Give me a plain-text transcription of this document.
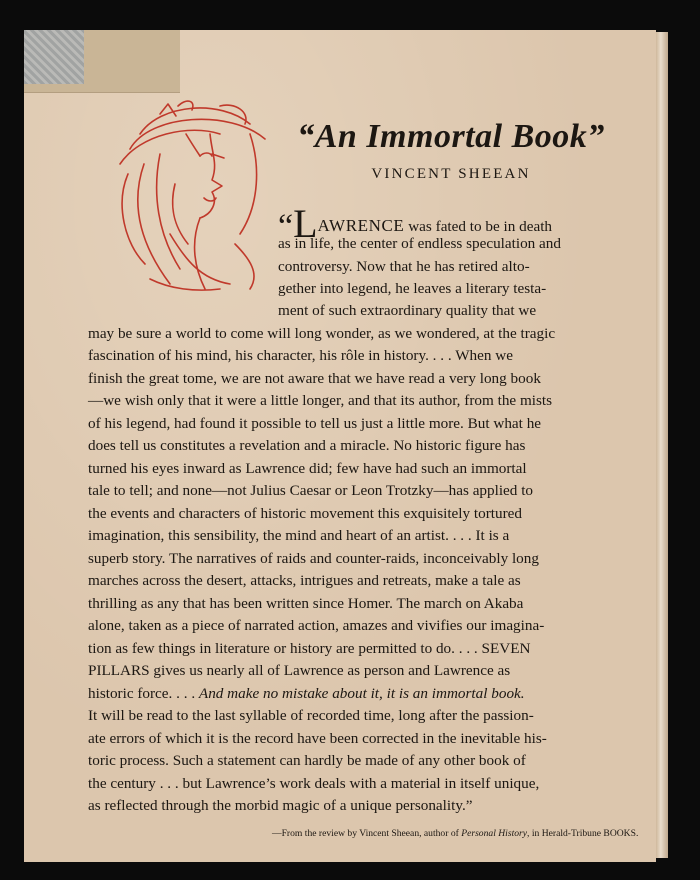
“An Immortal Book”
VINCENT SHEEAN
“LAWRENCE was fated to be in death
as in life, the center of endless speculation and
controversy. Now that he has retired alto-
gether into legend, he leaves a literary testa-
ment of such extraordinary quality that we
may be sure a world to come will long wonder, as we wondered, at the tragic
fascination of his mind, his character, his rôle in history. . . . When we
finish the great tome, we are not aware that we have read a very long book
—we wish only that it were a little longer, and that its author, from the mists
of his legend, had found it possible to tell us just a little more. But what he
does tell us constitutes a revelation and a miracle. No historic figure has
turned his eyes inward as Lawrence did; few have had such an immortal
tale to tell; and none—not Julius Caesar or Leon Trotzky—has applied to
the events and characters of historic movement this exquisitely tortured
imagination, this sensibility, the mind and heart of an artist. . . . It is a
superb story. The narratives of raids and counter-raids, inconceivably long
marches across the desert, attacks, intrigues and retreats, make a tale as
thrilling as any that has been written since Homer. The march on Akaba
alone, taken as a piece of narrated action, amazes and vivifies our imagina-
tion as few things in literature or history are permitted to do. . . . SEVEN
PILLARS gives us nearly all of Lawrence as person and Lawrence as
historic force. . . . And make no mistake about it, it is an immortal book.
It will be read to the last syllable of recorded time, long after the passion-
ate errors of which it is the record have been corrected in the inevitable his-
toric process. Such a statement can hardly be made of any other book of
the century . . . but Lawrence’s work deals with a material in itself unique,
as reflected through the morbid magic of a unique personality.”
—From the review by Vincent Sheean, author of Personal History, in Herald-Tribune BOOKS.
